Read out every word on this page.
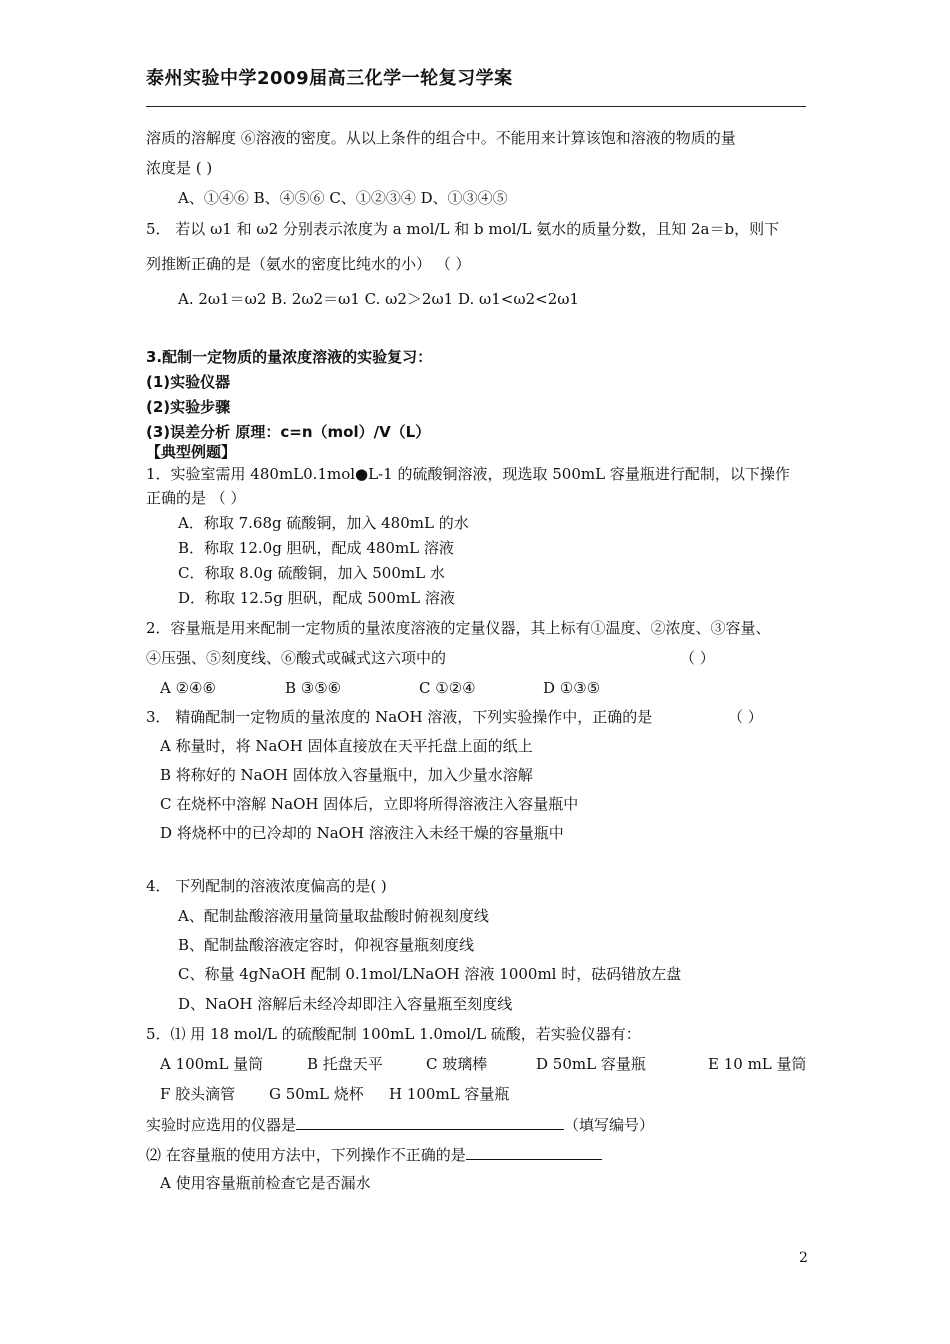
泰州实验中学2009届高三化学一轮复习学案
溶质的溶解度 ⑥溶液的密度。从以上条件的组合中。不能用来计算该饱和溶液的物质的量
浓度是 ( )
A、①④⑥ B、④⑤⑥ C、①②③④ D、①③④⑤
5． 若以 ω1 和 ω2 分别表示浓度为 a mol/L 和 b mol/L 氨水的质量分数，且知 2a＝b，则下
列推断正确的是（氨水的密度比纯水的小） （ ）
A. 2ω1＝ω2 B. 2ω2＝ω1 C. ω2＞2ω1 D. ω1<ω2<2ω1
3.配制一定物质的量浓度溶液的实验复习：
(1)实验仪器
(2)实验步骤
(3)误差分析 原理：c=n（mol）/V（L）
【典型例题】
1．实验室需用 480mL0.1mol●L-1 的硫酸铜溶液，现选取 500mL 容量瓶进行配制，以下操作
正确的是 （ ）
A．称取 7.68g 硫酸铜，加入 480mL 的水
B．称取 12.0g 胆矾，配成 480mL 溶液
C．称取 8.0g 硫酸铜，加入 500mL 水
D．称取 12.5g 胆矾，配成 500mL 溶液
2．容量瓶是用来配制一定物质的量浓度溶液的定量仪器，其上标有①温度、②浓度、③容量、
④压强、⑤刻度线、⑥酸式或碱式这六项中的	（ ）
A ②④⑥	B ③⑤⑥	C ①②④	D ①③⑤
3． 精确配制一定物质的量浓度的 NaOH 溶液，下列实验操作中，正确的是	（ ）
A 称量时，将 NaOH 固体直接放在天平托盘上面的纸上
B 将称好的 NaOH 固体放入容量瓶中，加入少量水溶解
C 在烧杯中溶解 NaOH 固体后，立即将所得溶液注入容量瓶中
D 将烧杯中的已冷却的 NaOH 溶液注入未经干燥的容量瓶中
4． 下列配制的溶液浓度偏高的是( )
A、配制盐酸溶液用量筒量取盐酸时俯视刻度线
B、配制盐酸溶液定容时，仰视容量瓶刻度线
C、称量 4gNaOH 配制 0.1mol/LNaOH 溶液 1000ml 时，砝码错放左盘
D、NaOH 溶解后未经冷却即注入容量瓶至刻度线
5．⑴ 用 18 mol/L 的硫酸配制 100mL 1.0mol/L 硫酸，若实验仪器有：
A 100mL 量筒	B 托盘天平	C 玻璃棒	D 50mL 容量瓶	E 10 mL 量筒
F 胶头滴管 G 50mL 烧杯 H 100mL 容量瓶
实验时应选用的仪器是	（填写编号）
⑵ 在容量瓶的使用方法中，下列操作不正确的是
A 使用容量瓶前检查它是否漏水
2
